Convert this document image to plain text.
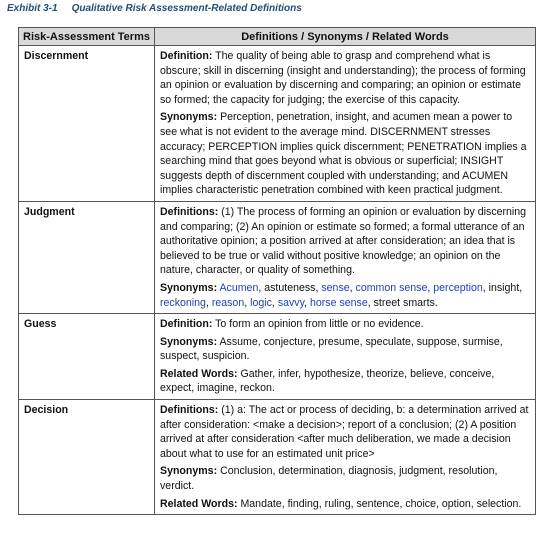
Exhibit 3-1 Qualitative Risk Assessment-Related Definitions
Risk-Assessment Terms	Definitions / Synonyms / Related Words
Discernment	Definition: The quality of being able to grasp and comprehend what is obscure; skill in discerning (insight and understanding); the process of forming an opinion or evaluation by discerning and comparing; an opinion or estimate so formed; the capacity for judging; the exercise of this capacity.

Synonyms: Perception, penetration, insight, and acumen mean a power to see what is not evident to the average mind. DISCERNMENT stresses accuracy; PERCEPTION implies quick discernment; PENETRATION implies a searching mind that goes beyond what is obvious or superficial; INSIGHT suggests depth of discernment coupled with understanding; and ACUMEN implies characteristic penetration combined with keen practical judgment.

Judgment	Definitions: (1) The process of forming an opinion or evaluation by discerning and comparing; (2) An opinion or estimate so formed; a formal utterance of an authoritative opinion; a position arrived at after consideration; an idea that is believed to be true or valid without positive knowledge; an opinion on the nature, character, or quality of something.

Synonyms: Acumen, astuteness, sense, common sense, perception, insight, reckoning, reason, logic, savvy, horse sense, street smarts.

Guess	Definition: To form an opinion from little or no evidence.

Synonyms: Assume, conjecture, presume, speculate, suppose, surmise, suspect, suspicion.

Related Words: Gather, infer, hypothesize, theorize, believe, conceive, expect, imagine, reckon.

Decision	Definitions: (1) a: The act or process of deciding, b: a determination arrived at after consideration: <make a decision>; report of a conclusion; (2) A position arrived at after consideration <after much deliberation, we made a decision about what to use for an estimated unit price>

Synonyms: Conclusion, determination, diagnosis, judgment, resolution, verdict.

Related Words: Mandate, finding, ruling, sentence, choice, option, selection.
